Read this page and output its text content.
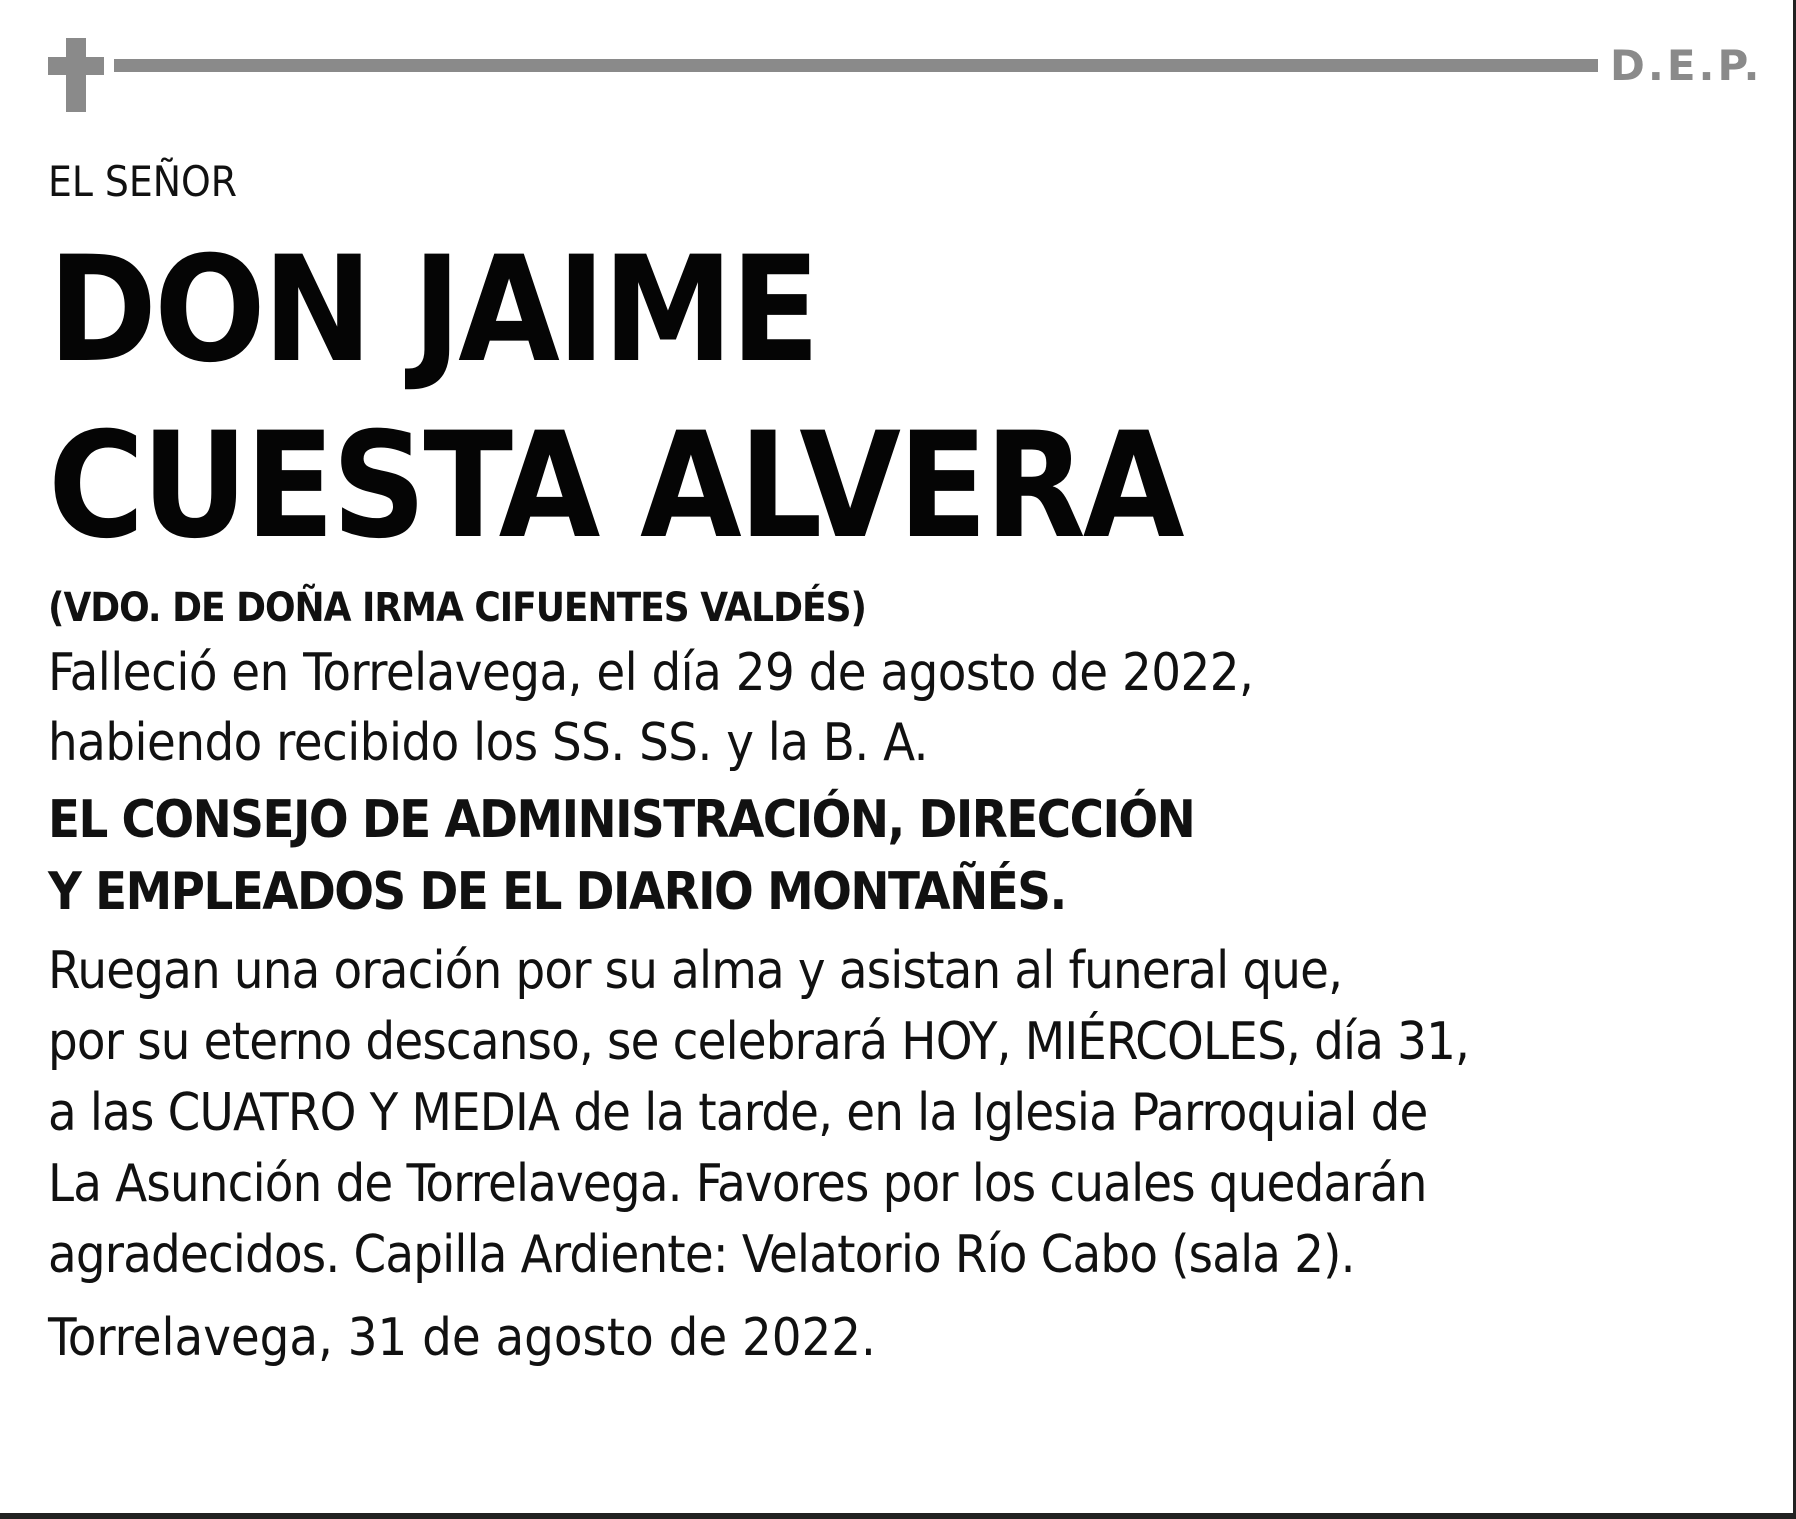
D.E.P.
EL SEÑOR
DON JAIME
CUESTA ALVERA
(VDO. DE DOÑA IRMA CIFUENTES VALDÉS)
Falleció en Torrelavega, el día 29 de agosto de 2022,
habiendo recibido los SS. SS. y la B. A.
EL CONSEJO DE ADMINISTRACIÓN, DIRECCIÓN
Y EMPLEADOS DE EL DIARIO MONTAÑÉS.
Ruegan una oración por su alma y asistan al funeral que,
por su eterno descanso, se celebrará HOY, MIÉRCOLES, día 31,
a las CUATRO Y MEDIA de la tarde, en la Iglesia Parroquial de
La Asunción de Torrelavega. Favores por los cuales quedarán
agradecidos. Capilla Ardiente: Velatorio Río Cabo (sala 2).
Torrelavega, 31 de agosto de 2022.
